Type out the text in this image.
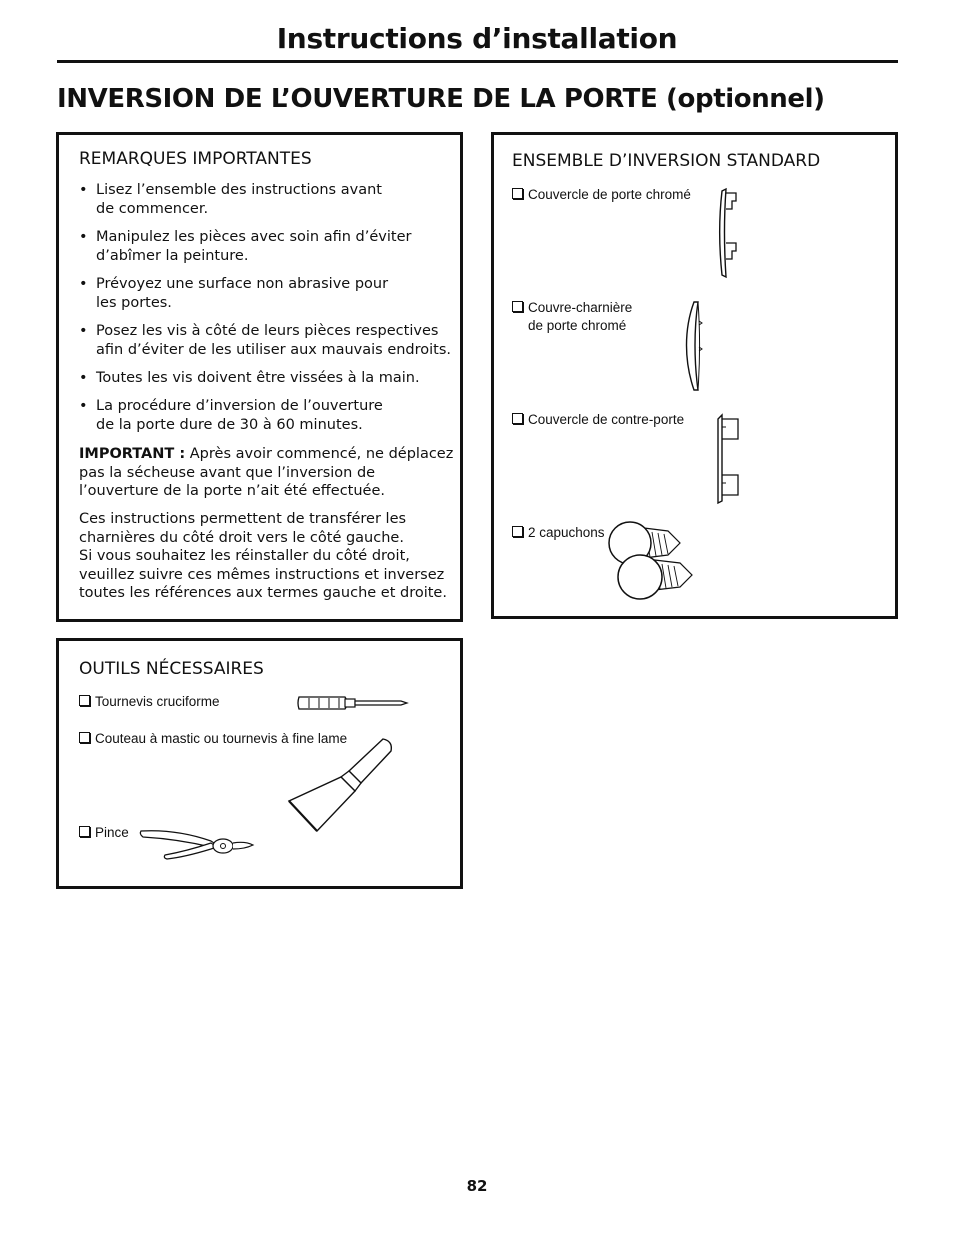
Instructions d’installation
INVERSION DE L’OUVERTURE DE LA PORTE (optionnel)
REMARQUES IMPORTANTES
• Lisez l’ensemble des instructions avant
de commencer.
• Manipulez les pièces avec soin afin d’éviter
d’abîmer la peinture.
• Prévoyez une surface non abrasive pour
les portes.
• Posez les vis à côté de leurs pièces respectives
afin d’éviter de les utiliser aux mauvais endroits.
• Toutes les vis doivent être vissées à la main.
• La procédure d’inversion de l’ouverture
de la porte dure de 30 à 60 minutes.
IMPORTANT : Après avoir commencé, ne déplacez pas la sécheuse avant que l’inversion de l’ouverture de la porte n’ait été effectuée.
Ces instructions permettent de transférer les
charnières du côté droit vers le côté gauche.
Si vous souhaitez les réinstaller du côté droit,
veuillez suivre ces mêmes instructions et inversez
toutes les références aux termes gauche et droite.
ENSEMBLE D’INVERSION STANDARD
Couvercle de porte chromé
Couvre-charnière
de porte chromé
Couvercle de contre-porte
2 capuchons
OUTILS NÉCESSAIRES
Tournevis cruciforme
Couteau à mastic ou tournevis à fine lame
Pince
82
